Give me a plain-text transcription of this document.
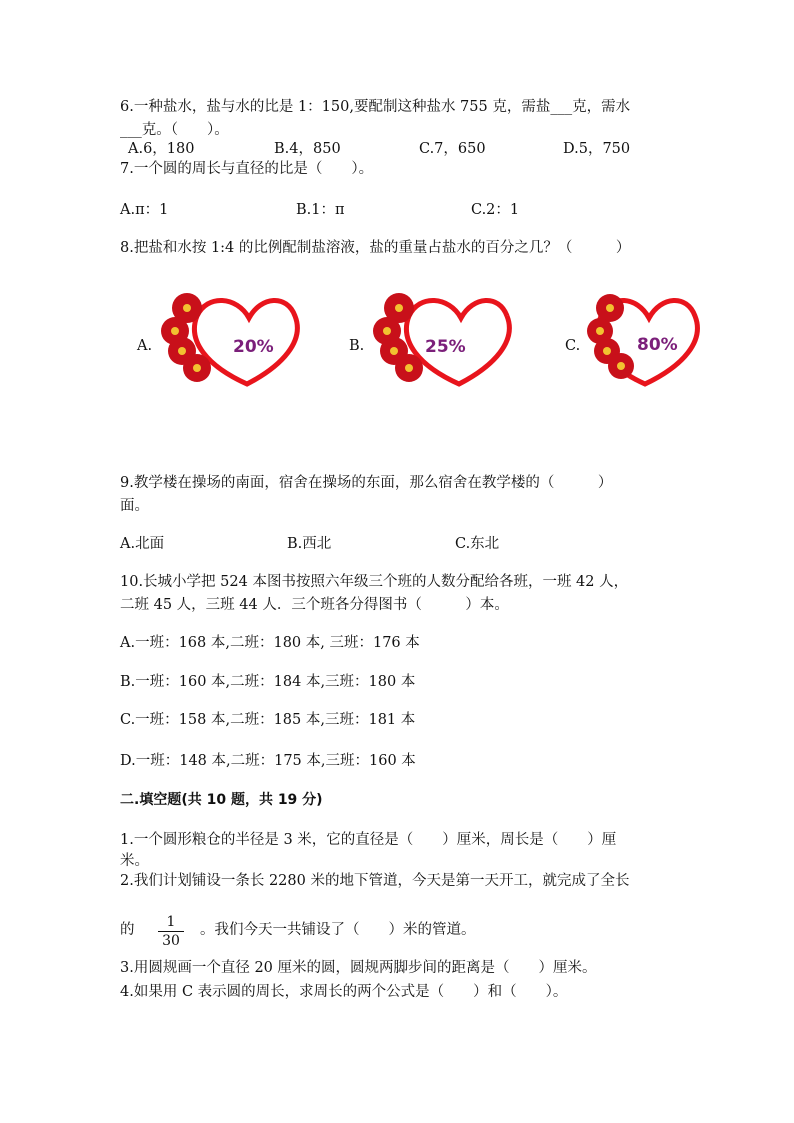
6.一种盐水，盐与水的比是 1：150,要配制这种盐水 755 克，需盐___克，需水
___克。（　　）。
A.6，180	B.4，850	C.7，650	D.5，750
7.一个圆的周长与直径的比是（　　）。
A.π：1	B.1：π	C.2：1
8.把盐和水按 1:4 的比例配制盐溶液，盐的重量占盐水的百分之几？（　　　）
A.	20%	B.	25%	C.	80%
9.教学楼在操场的南面，宿舍在操场的东面，那么宿舍在教学楼的（　　　）
面。
A.北面	B.西北	C.东北
10.长城小学把 524 本图书按照六年级三个班的人数分配给各班，一班 42 人，
二班 45 人，三班 44 人．三个班各分得图书（　　　）本。
A.一班：168 本,二班：180 本, 三班：176 本
B.一班：160 本,二班：184 本,三班：180 本
C.一班：158 本,二班：185 本,三班：181 本
D.一班：148 本,二班：175 本,三班：160 本
二.填空题(共 10 题，共 19 分)
1.一个圆形粮仓的半径是 3 米，它的直径是（　　）厘米，周长是（　　）厘
米。
2.我们计划铺设一条长 2280 米的地下管道，今天是第一天开工，就完成了全长
的	1
30
。我们今天一共铺设了（　　）米的管道。
3.用圆规画一个直径 20 厘米的圆，圆规两脚步间的距离是（　　）厘米。
4.如果用 C 表示圆的周长，求周长的两个公式是（　　）和（　　）。
